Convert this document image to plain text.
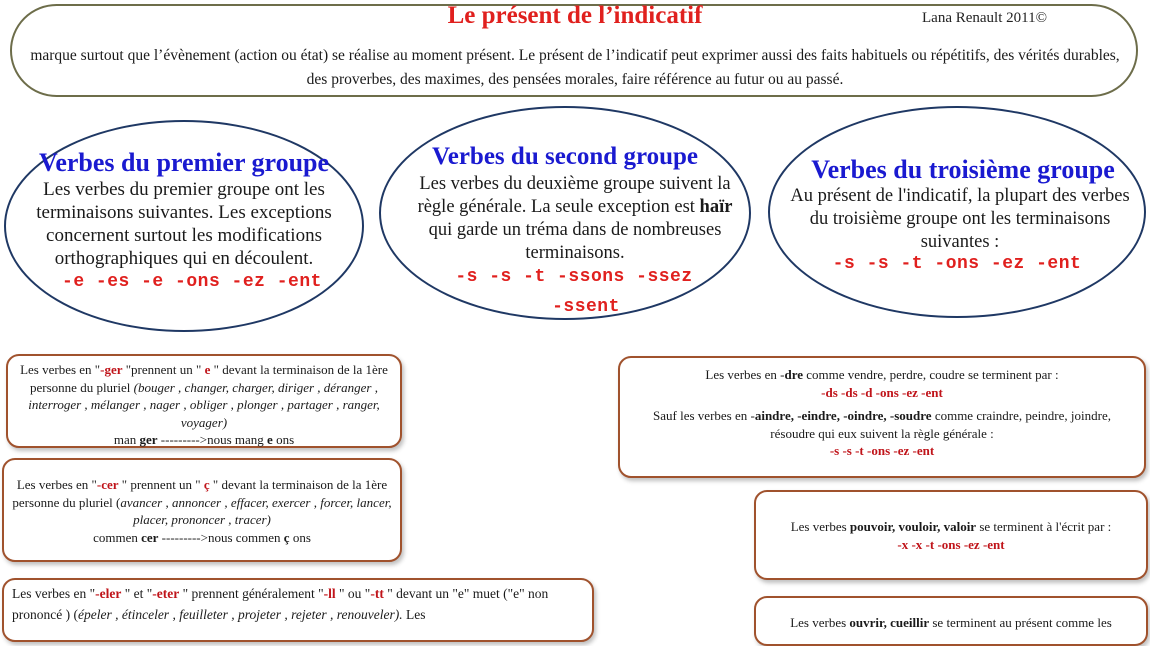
Le présent de l’indicatif	Lana Renault 2011©
marque surtout que l’évènement (action ou état) se réalise au moment présent. Le présent de l’indicatif peut exprimer aussi des faits habituels ou répétitifs, des vérités durables, des proverbes, des maximes, des pensées morales, faire référence au futur ou au passé.
Verbes du premier groupe
Les verbes du premier groupe ont les terminaisons suivantes. Les exceptions concernent surtout les modifications orthographiques qui en découlent.
-e -es -e -ons -ez -ent
Verbes du second groupe
Les verbes du deuxième groupe suivent la règle générale. La seule exception est haïr qui garde un tréma dans de nombreuses terminaisons.
-s -s -t -ssons -ssez
-ssent
Verbes du troisième groupe
Au présent de l'indicatif, la plupart des verbes du troisième groupe ont les terminaisons suivantes :
-s -s -t -ons -ez -ent
Les verbes en "-ger "prennent un " e " devant la terminaison de la 1ère personne du pluriel (bouger , changer, charger, diriger , déranger , interroger , mélanger , nager , obliger , plonger , partager , ranger, voyager)
man ger --------->nous mang e ons
Les verbes en "-cer " prennent un " ç " devant la terminaison de la 1ère personne du pluriel (avancer , annoncer , effacer, exercer , forcer, lancer, placer, prononcer , tracer)
commen cer --------->nous commen ç ons
Les verbes en "-eler " et "-eter " prennent généralement "-ll " ou "-tt " devant un "e" muet ("e" non prononcé ) (épeler , étinceler , feuilleter , projeter , rejeter , renouveler). Les
Les verbes en -dre comme vendre, perdre, coudre se terminent par :
-ds -ds -d -ons -ez -ent
Sauf les verbes en -aindre, -eindre, -oindre, -soudre comme craindre, peindre, joindre, résoudre qui eux suivent la règle générale :
-s -s -t -ons -ez -ent
Les verbes pouvoir, vouloir, valoir se terminent à l'écrit par :
-x -x -t -ons -ez -ent
Les verbes ouvrir, cueillir se terminent au présent comme les
